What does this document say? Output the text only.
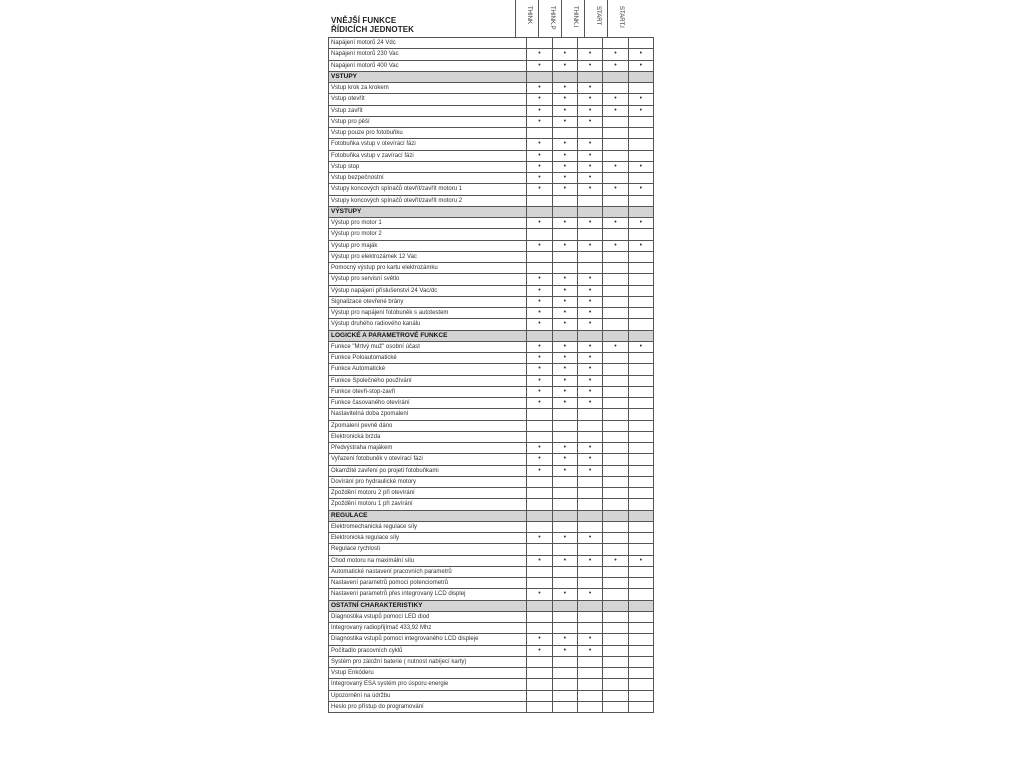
VNĚJŠÍ FUNKCE
ŘÍDICÍCH JEDNOTEK
THINK	THINK.P	THINK.I	START	START.I
Napájení motorů 24 Vdc					
Napájení motorů 230 Vac	•	•	•	•	•
Napájení motorů 400 Vac	•	•	•	•	•
VSTUPY					
Vstup krok za krokem	•	•	•		
Vstup otevřít	•	•	•	•	•
Vstup zavřít	•	•	•	•	•
Vstup pro pěší	•	•	•		
Vstup pouze pro fotobuňku					
Fotobuňka vstup v otevírací fázi	•	•	•		
Fotobuňka vstup v zavírací fázi	•	•	•		
Vstup stop	•	•	•	•	•
Vstup bezpečnostní	•	•	•		
Vstupy koncových spínačů otevřít/zavřít motoru 1	•	•	•	•	•
Vstupy koncových spínačů otevřít/zavřít motoru 2					
VÝSTUPY					
Výstup pro motor 1	•	•	•	•	•
Výstup pro motor 2					
Výstup pro maják	•	•	•	•	•
Výstup pro elektrozámek 12 Vac					
Pomocný výstup pro kartu elektrozámku					
Výstup pro servisní světlo	•	•	•		
Výstup napájení příslušenství 24 Vac/dc	•	•	•		
Signalizace otevřené brány	•	•	•		
Výstup pro napájení fotobuněk s autotestem	•	•	•		
Výstup druhého radiového kanálu	•	•	•		
LOGICKÉ A PARAMETROVÉ FUNKCE					
Funkce "Mrtvý muž" osobní účast	•	•	•	•	•
Funkce Poloautomatické	•	•	•		
Funkce Automatické	•	•	•		
Funkce Společného používání	•	•	•		
Funkce otevři-stop-zavři	•	•	•		
Funkce časovaného otevírání	•	•	•		
Nastavitelná doba zpomalení					
Zpomalení pevně dáno					
Elektronická brzda					
Předvýstraha majákem	•	•	•		
Vyřazení fotobuněk v otevírací fázi	•	•	•		
Okamžité zavření po projetí fotobuňkami	•	•	•		
Dovírání pro hydraulické motory					
Zpoždění motoru 2 při otevírání					
Zpoždění motoru 1 při zavírání					
REGULACE					
Elektromechanická regulace síly					
Elektronická regulace síly	•	•	•		
Regulace rychlosti					
Chod motoru na maximální sílu	•	•	•	•	•
Automatické nastavení pracovních parametrů					
Nastavení parametrů pomocí potenciometrů					
Nastavení parametrů přes integrovaný LCD displej	•	•	•		
OSTATNÍ CHARAKTERISTIKY					
Diagnostika vstupů pomocí LED diod					
Integrovaný radiopřijímač 433,92 Mhz					
Diagnostika vstupů pomocí integrovaného LCD displeje	•	•	•		
Počítadlo pracovních cyklů	•	•	•		
Systém pro záložní baterie ( nutnost nabíjecí karty)					
Vstup Enkóderu					
Integrovaný ESA systém pro úsporu energie					
Upozornění na údržbu					
Heslo pro přístup do programování					
